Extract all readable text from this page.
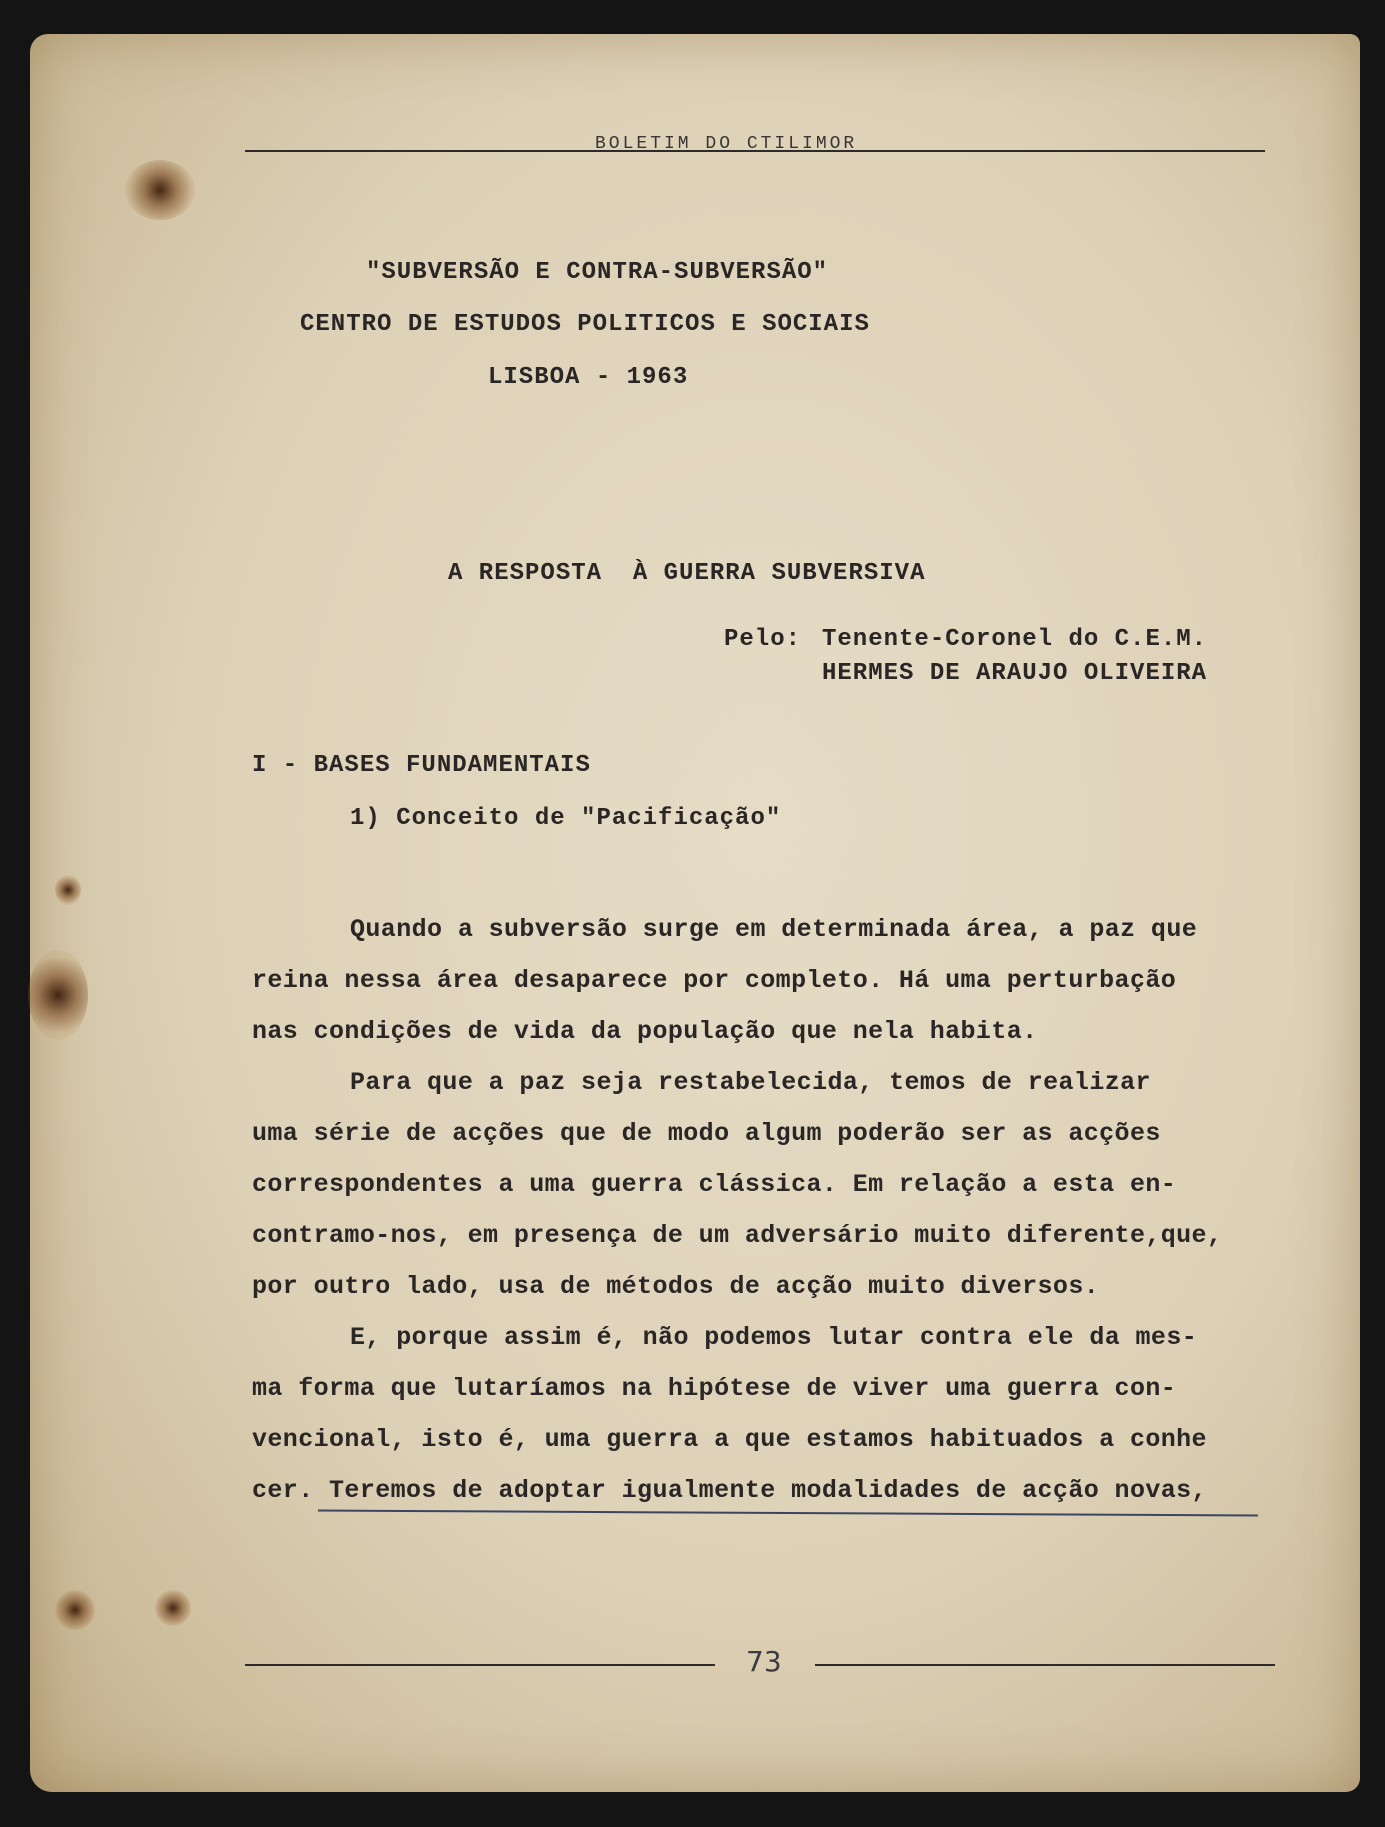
BOLETIM DO CTILIMOR
"SUBVERSÃO E CONTRA-SUBVERSÃO"
CENTRO DE ESTUDOS POLITICOS E SOCIAIS
LISBOA - 1963
A RESPOSTA  À GUERRA SUBVERSIVA
Pelo: Tenente-Coronel do C.E.M.
HERMES DE ARAUJO OLIVEIRA
I - BASES FUNDAMENTAIS
1) Conceito de "Pacificação"
Quando a subversão surge em determinada área, a paz que
reina nessa área desaparece por completo. Há uma perturbação
nas condições de vida da população que nela habita.
Para que a paz seja restabelecida, temos de realizar
uma série de acções que de modo algum poderão ser as acções
correspondentes a uma guerra clássica. Em relação a esta en-
contramo-nos, em presença de um adversário muito diferente,que,
por outro lado, usa de métodos de acção muito diversos.
E, porque assim é, não podemos lutar contra ele da mes-
ma forma que lutaríamos na hipótese de viver uma guerra con-
vencional, isto é, uma guerra a que estamos habituados a conhe
cer. Teremos de adoptar igualmente modalidades de acção novas,
73
